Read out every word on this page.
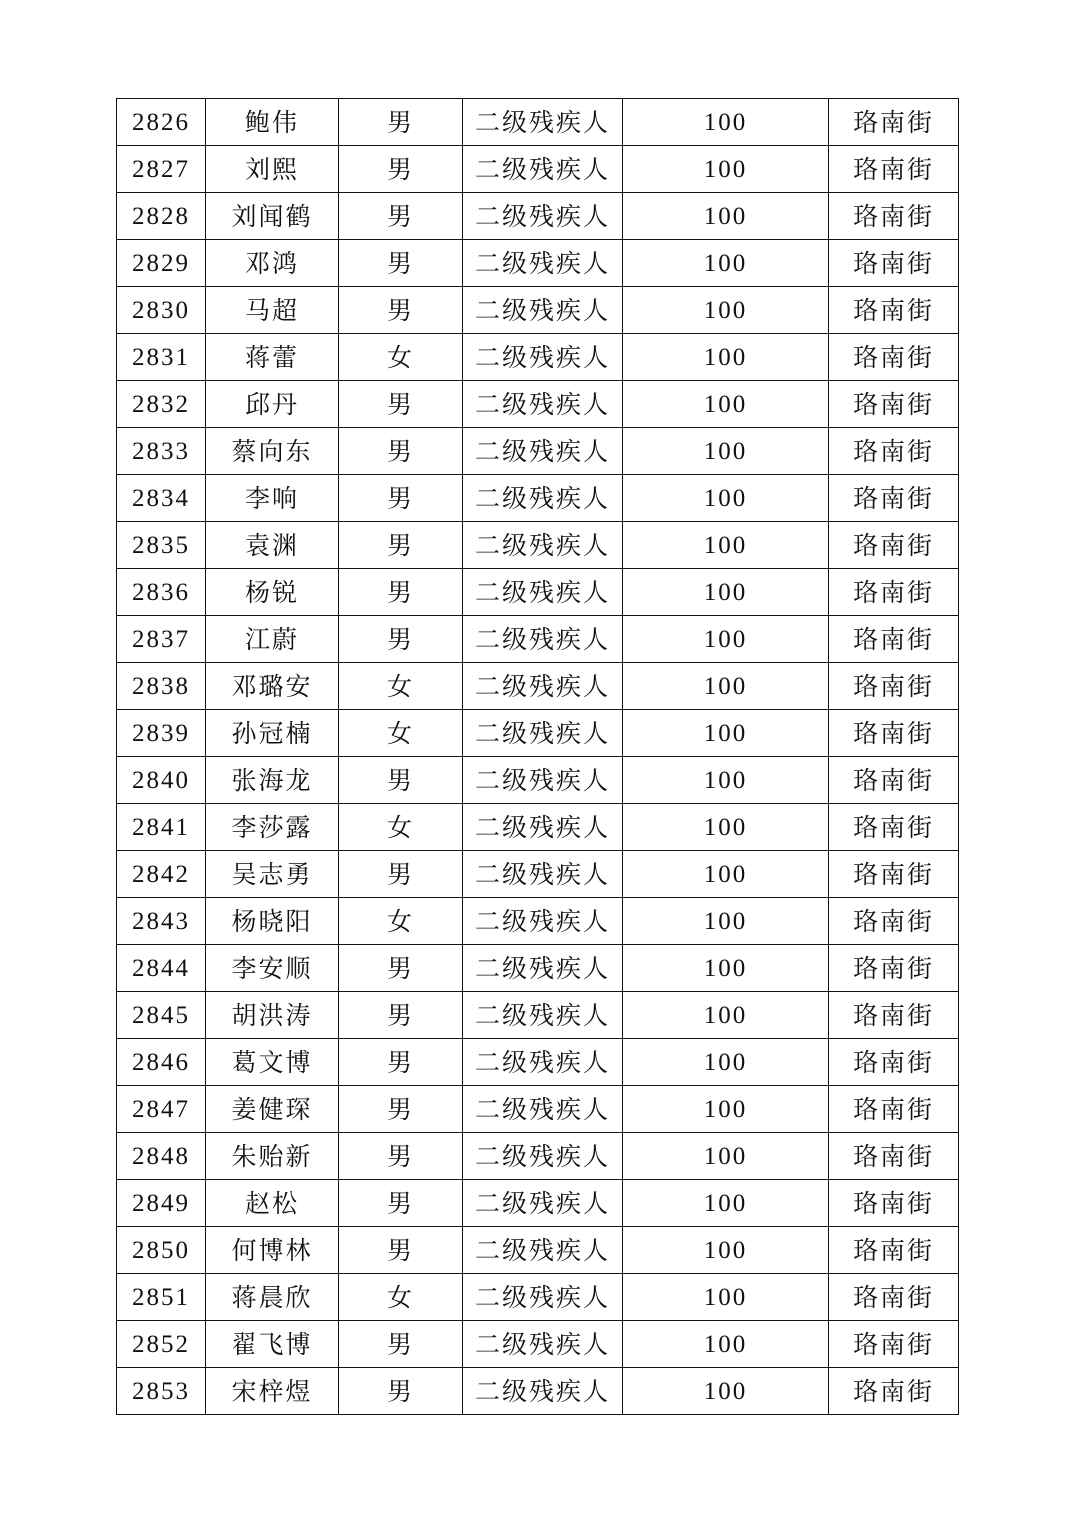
2826	鲍伟	男	二级残疾人	100	珞南街
2827	刘熙	男	二级残疾人	100	珞南街
2828	刘闻鹤	男	二级残疾人	100	珞南街
2829	邓鸿	男	二级残疾人	100	珞南街
2830	马超	男	二级残疾人	100	珞南街
2831	蒋蕾	女	二级残疾人	100	珞南街
2832	邱丹	男	二级残疾人	100	珞南街
2833	蔡向东	男	二级残疾人	100	珞南街
2834	李响	男	二级残疾人	100	珞南街
2835	袁渊	男	二级残疾人	100	珞南街
2836	杨锐	男	二级残疾人	100	珞南街
2837	江蔚	男	二级残疾人	100	珞南街
2838	邓璐安	女	二级残疾人	100	珞南街
2839	孙冠楠	女	二级残疾人	100	珞南街
2840	张海龙	男	二级残疾人	100	珞南街
2841	李莎露	女	二级残疾人	100	珞南街
2842	吴志勇	男	二级残疾人	100	珞南街
2843	杨晓阳	女	二级残疾人	100	珞南街
2844	李安顺	男	二级残疾人	100	珞南街
2845	胡洪涛	男	二级残疾人	100	珞南街
2846	葛文博	男	二级残疾人	100	珞南街
2847	姜健琛	男	二级残疾人	100	珞南街
2848	朱贻新	男	二级残疾人	100	珞南街
2849	赵松	男	二级残疾人	100	珞南街
2850	何博林	男	二级残疾人	100	珞南街
2851	蒋晨欣	女	二级残疾人	100	珞南街
2852	翟飞博	男	二级残疾人	100	珞南街
2853	宋梓煜	男	二级残疾人	100	珞南街
